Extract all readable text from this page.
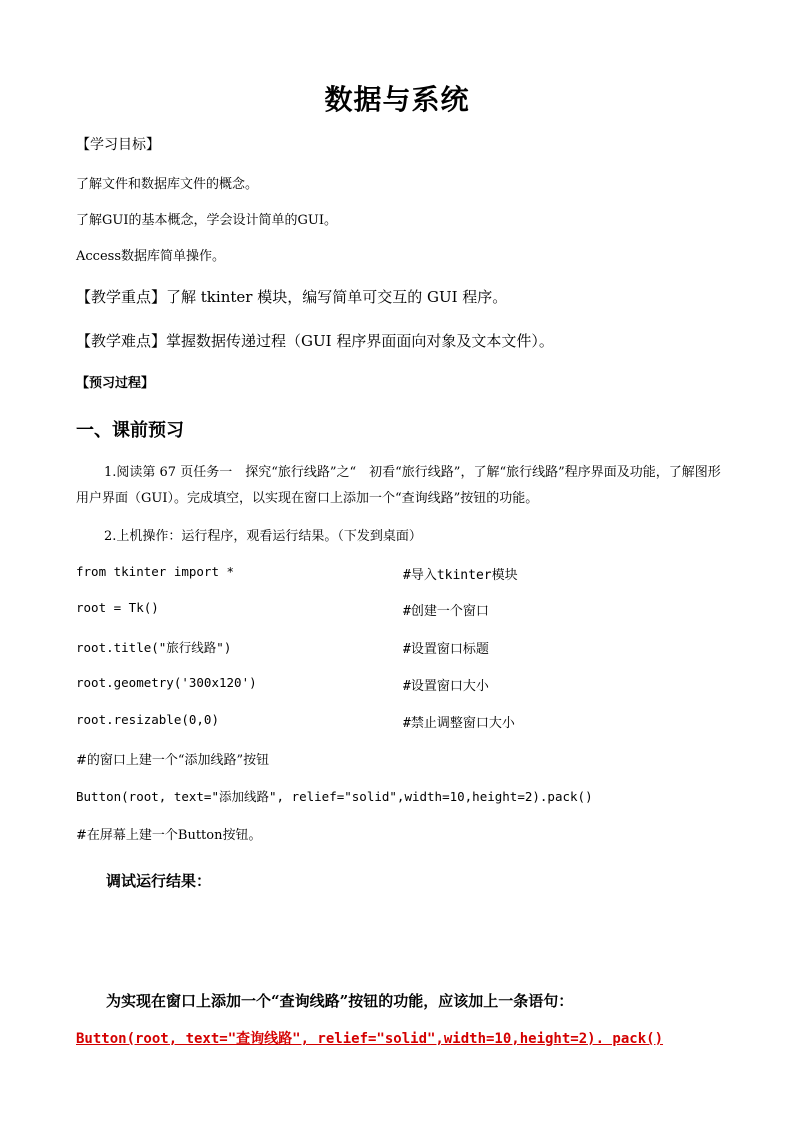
数据与系统
【学习目标】
了解文件和数据库文件的概念。
了解GUI的基本概念，学会设计简单的GUI。
Access数据库简单操作。
【教学重点】了解 tkinter 模块，编写简单可交互的 GUI 程序。
【教学难点】掌握数据传递过程（GUI 程序界面面向对象及文本文件）。
【预习过程】
一、课前预习
1.阅读第 67 页任务一　探究“旅行线路”之“　初看“旅行线路”，了解“旅行线路”程序界面及功能，了解图形用户界面（GUI）。完成填空，以实现在窗口上添加一个“查询线路”按钮的功能。
2.上机操作：运行程序，观看运行结果。（下发到桌面）
from tkinter import *	#导入tkinter模块
root = Tk()	#创建一个窗口
root.title("旅行线路")	#设置窗口标题
root.geometry('300x120')	#设置窗口大小
root.resizable(0,0)	#禁止调整窗口大小
#的窗口上建一个“添加线路”按钮
Button(root, text="添加线路", relief="solid",width=10,height=2).pack()
#在屏幕上建一个Button按钮。
调试运行结果：
为实现在窗口上添加一个“查询线路”按钮的功能，应该加上一条语句：
Button(root, text="查询线路", relief="solid",width=10,height=2). pack()
